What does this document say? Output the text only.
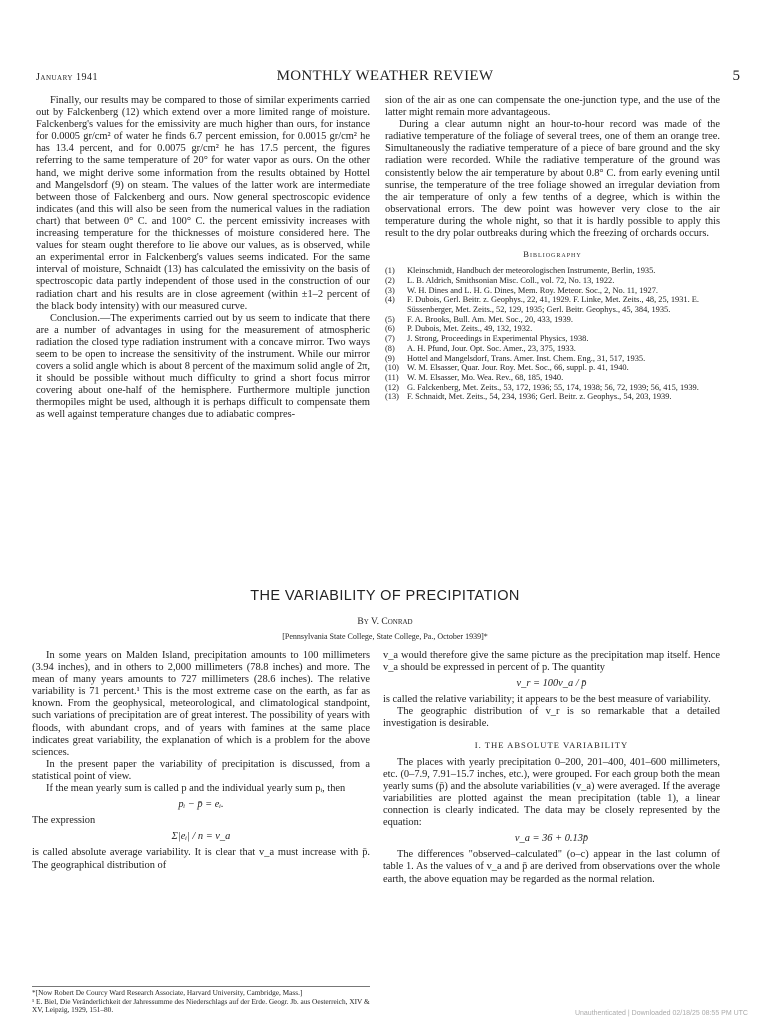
January 1941	MONTHLY WEATHER REVIEW	5

Finally, our results may be compared to those of similar experiments carried out by Falckenberg (12) which extend over a more limited range of moisture. Falckenberg's values for the emissivity are much higher than ours, for instance for 0.0005 gr/cm² of water he finds 6.7 percent emission, for 0.0015 gr/cm² he has 13.4 percent, and for 0.0075 gr/cm² he has 17.5 percent, the figures referring to the same temperature of 20° for water vapor as ours. On the other hand, we might derive some information from the results obtained by Hottel and Mangelsdorf (9) on steam. The values of the latter work are intermediate between those of Falckenberg and ours. Now general spectroscopic evidence indicates (and this will also be seen from the numerical values in the radiation chart) that between 0° C. and 100° C. the percent emissivity increases with increasing temperature for the thicknesses of moisture considered here. The values for steam ought therefore to lie above our values, as is observed, while an experimental error in Falckenberg's values seems indicated. For the same interval of moisture, Schnaidt (13) has calculated the emissivity on the basis of spectroscopic data partly independent of those used in the construction of our radiation chart and his results are in close agreement (within ±1–2 percent of the black body intensity) with our measured curve.

Conclusion.—The experiments carried out by us seem to indicate that there are a number of advantages in using for the measurement of atmospheric radiation the closed type radiation instrument with a concave mirror. Two ways seem to be open to increase the sensitivity of the instrument. While our mirror covers a solid angle which is about 8 percent of the maximum solid angle of 2π, it should be possible without much difficulty to grind a short focus mirror covering about one-half of the hemisphere. Furthermore multiple junction thermopiles might be used, although it is perhaps difficult to compensate them as well against temperature changes due to adiabatic compres-

sion of the air as one can compensate the one-junction type, and the use of the latter might remain more advantageous.

During a clear autumn night an hour-to-hour record was made of the radiative temperature of the foliage of several trees, one of them an orange tree. Simultaneously the radiative temperature of a piece of bare ground and the sky radiation were recorded. While the radiative temperature of the ground was consistently below the air temperature by about 0.8° C. from early evening until sunrise, the temperature of the tree foliage showed an irregular deviation from the air temperature of only a few tenths of a degree, which is within the observational errors. The dew point was however very close to the air temperature during the whole night, so that it is hardly possible to apply this result to the dry polar outbreaks during which the freezing of orchards occurs.

Bibliography
(1)	Kleinschmidt, Handbuch der meteorologischen Instrumente, Berlin, 1935.
(2)	L. B. Aldrich, Smithsonian Misc. Coll., vol. 72, No. 13, 1922.
(3)	W. H. Dines and L. H. G. Dines, Mem. Roy. Meteor. Soc., 2, No. 11, 1927.
(4)	F. Dubois, Gerl. Beitr. z. Geophys., 22, 41, 1929. F. Linke, Met. Zeits., 48, 25, 1931. E. Süssenberger, Met. Zeits., 52, 129, 1935; Gerl. Beitr. Geophys., 45, 384, 1935.
(5)	F. A. Brooks, Bull. Am. Met. Soc., 20, 433, 1939.
(6)	P. Dubois, Met. Zeits., 49, 132, 1932.
(7)	J. Strong, Proceedings in Experimental Physics, 1938.
(8)	A. H. Pfund, Jour. Opt. Soc. Amer., 23, 375, 1933.
(9)	Hottel and Mangelsdorf, Trans. Amer. Inst. Chem. Eng., 31, 517, 1935.
(10) W. M. Elsasser, Quar. Jour. Roy. Met. Soc., 66, suppl. p. 41, 1940.
(11) W. M. Elsasser, Mo. Wea. Rev., 68, 185, 1940.
(12) G. Falckenberg, Met. Zeits., 53, 172, 1936; 55, 174, 1938; 56, 72, 1939; 56, 415, 1939.
(13) F. Schnaidt, Met. Zeits., 54, 234, 1936; Gerl. Beitr. z. Geophys., 54, 203, 1939.
THE VARIABILITY OF PRECIPITATION
By V. Conrad
[Pennsylvania State College, State College, Pa., October 1939]*

In some years on Malden Island, precipitation amounts to 100 millimeters (3.94 inches), and in others to 2,000 millimeters (78.8 inches) and more. The mean of many years amounts to 727 millimeters (28.6 inches). The relative variability is 71 percent.¹ This is the most extreme case on the earth, as far as known. From the geophysical, meteorological, and climatological standpoint, such variations of precipitation are of great interest. The possibility of years with floods, with abundant crops, and of years with famines at the same place indicates great variability, the explanation of which is a problem for the above sciences.

In the present paper the variability of precipitation is discussed, from a statistical point of view.

If the mean yearly sum is called p and the individual yearly sum pᵢ, then

pᵢ − p̄ = eᵢ.

The expression

Σ|eᵢ| / n = v_a

is called absolute average variability. It is clear that v_a must increase with p̄. The geographical distribution of

v_a would therefore give the same picture as the precipitation map itself. Hence v_a should be expressed in percent of p. The quantity

v_r = 100v_a / p̄

is called the relative variability; it appears to be the best measure of variability.

The geographic distribution of v_r is so remarkable that a detailed investigation is desirable.

I. THE ABSOLUTE VARIABILITY

The places with yearly precipitation 0–200, 201–400, 401–600 millimeters, etc. (0–7.9, 7.91–15.7 inches, etc.), were grouped. For each group both the mean yearly sums (p̄) and the absolute variabilities (v_a) were averaged. If the average variabilities are plotted against the mean precipitation (table 1), a linear connection is clearly indicated. The data may be closely represented by the equation:

v_a = 36 + 0.13p̄

The differences "observed–calculated" (o–c) appear in the last column of table 1. As the values of v_a and p̄ are derived from observations over the whole earth, the above equation may be regarded as the normal relation.

*[Now Robert De Courcy Ward Research Associate, Harvard University, Cambridge, Mass.]
¹ E. Biel, Die Veränderlichkeit der Jahressumme des Niederschlags auf der Erde. Geogr. Jb. aus Oesterreich, XIV & XV, Leipzig, 1929, 151–80.	Unauthenticated | Downloaded 02/18/25 08:55 PM UTC
